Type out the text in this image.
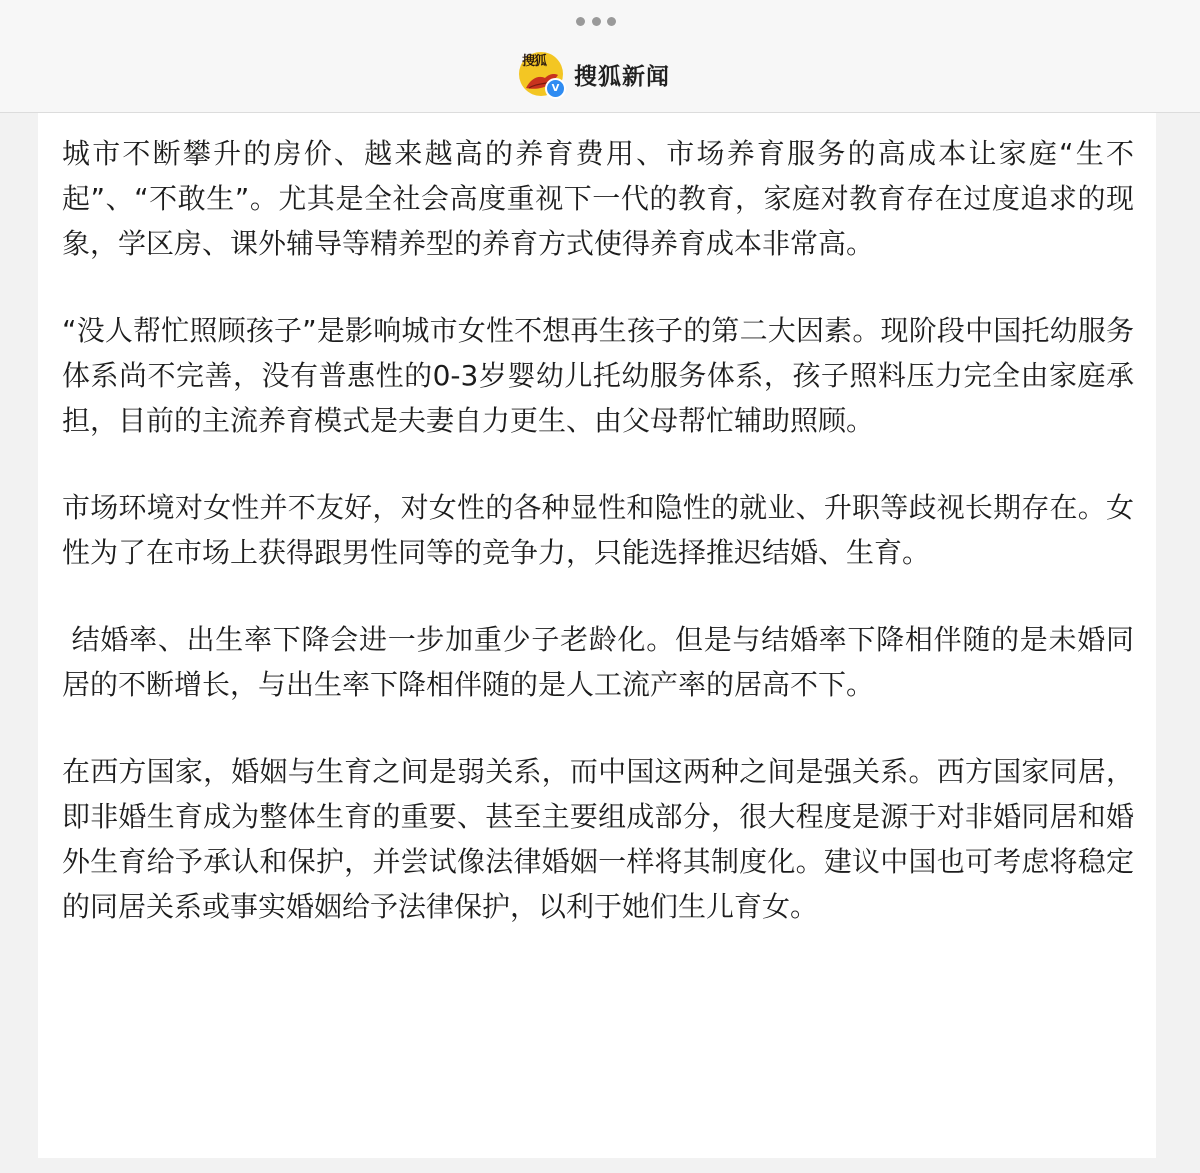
搜狐
V 搜狐新闻

城市不断攀升的房价、越来越高的养育费用、市场养育服务的高成本让家庭“生不起”、“不敢生”。尤其是全社会高度重视下一代的教育，家庭对教育存在过度追求的现象，学区房、课外辅导等精养型的养育方式使得养育成本非常高。

“没人帮忙照顾孩子”是影响城市女性不想再生孩子的第二大因素。现阶段中国托幼服务体系尚不完善，没有普惠性的0-3岁婴幼儿托幼服务体系，孩子照料压力完全由家庭承担，目前的主流养育模式是夫妻自力更生、由父母帮忙辅助照顾。

市场环境对女性并不友好，对女性的各种显性和隐性的就业、升职等歧视长期存在。女性为了在市场上获得跟男性同等的竞争力，只能选择推迟结婚、生育。

结婚率、出生率下降会进一步加重少子老龄化。但是与结婚率下降相伴随的是未婚同居的不断增长，与出生率下降相伴随的是人工流产率的居高不下。

在西方国家，婚姻与生育之间是弱关系，而中国这两种之间是强关系。西方国家同居，即非婚生育成为整体生育的重要、甚至主要组成部分，很大程度是源于对非婚同居和婚外生育给予承认和保护，并尝试像法律婚姻一样将其制度化。建议中国也可考虑将稳定的同居关系或事实婚姻给予法律保护，以利于她们生儿育女。
